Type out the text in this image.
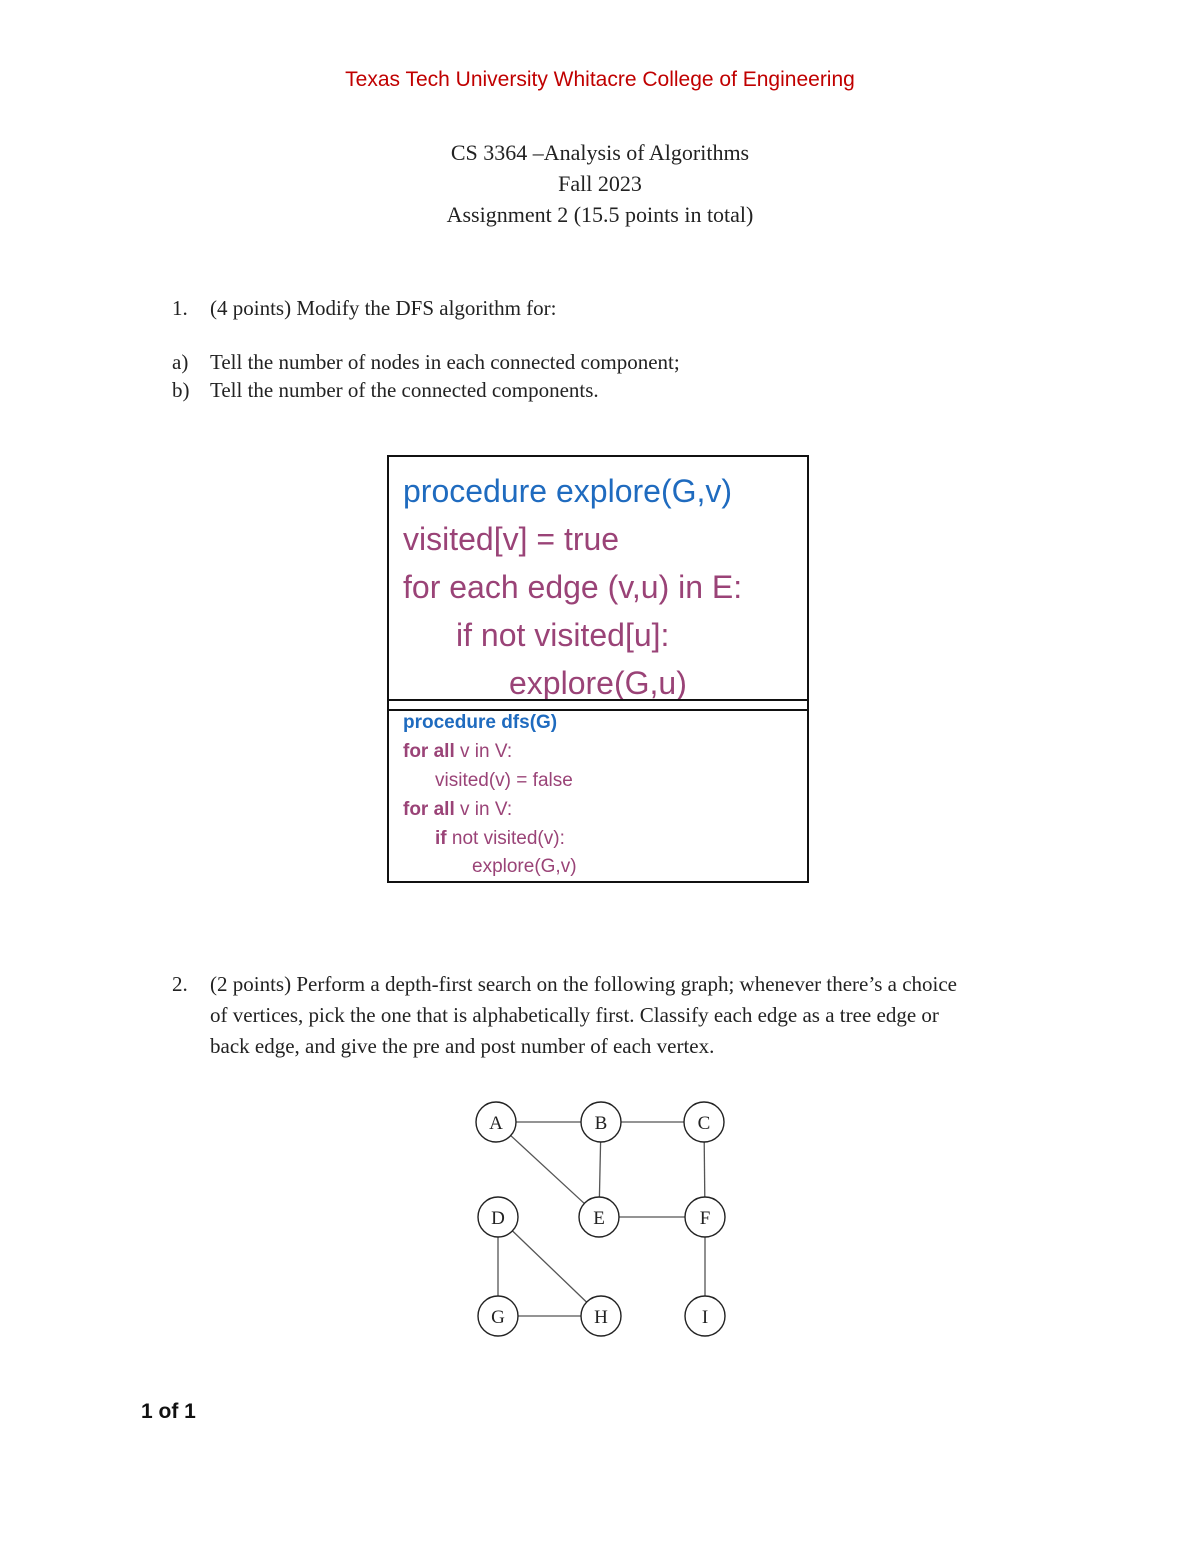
Texas Tech University Whitacre College of Engineering
CS 3364 –Analysis of Algorithms
Fall 2023
Assignment 2 (15.5 points in total)
1.	(4 points) Modify the DFS algorithm for:
a)	Tell the number of nodes in each connected component;
b) Tell the number of the connected components.
procedure explore(G,v)
visited[v] = true
for each edge (v,u) in E:
if not visited[u]:
explore(G,u)
procedure dfs(G)
for all v in V:
visited(v) = false
for all v in V:
if not visited(v):
explore(G,v)
2.	(2 points) Perform a depth-first search on the following graph; whenever there’s a choice
of vertices, pick the one that is alphabetically first. Classify each edge as a tree edge or
back edge, and give the pre and post number of each vertex.
A	B	C
D	E	F
G	H	I
1 of 1
